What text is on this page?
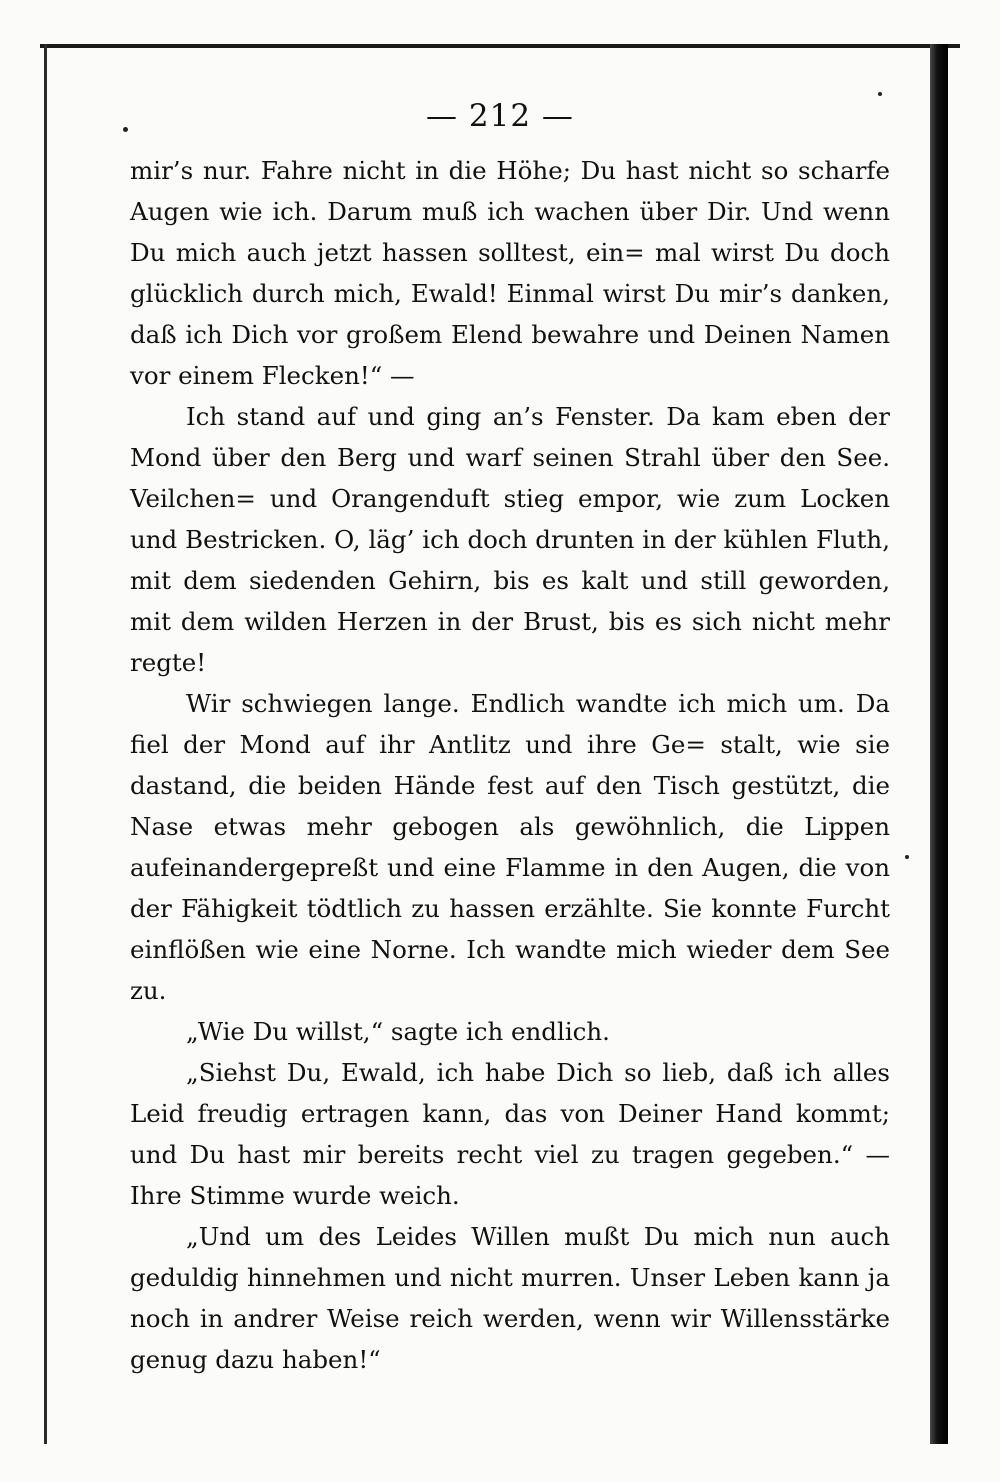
— 212 —

mir’s nur. Fahre nicht in die Höhe; Du hast nicht so scharfe Augen wie ich. Darum muß ich wachen über Dir. Und wenn Du mich auch jetzt hassen solltest, ein= mal wirst Du doch glücklich durch mich, Ewald! Einmal wirst Du mir’s danken, daß ich Dich vor großem Elend bewahre und Deinen Namen vor einem Flecken!“ —

Ich stand auf und ging an’s Fenster. Da kam eben der Mond über den Berg und warf seinen Strahl über den See. Veilchen= und Orangenduft stieg empor, wie zum Locken und Bestricken. O, läg’ ich doch drunten in der kühlen Fluth, mit dem siedenden Gehirn, bis es kalt und still geworden, mit dem wilden Herzen in der Brust, bis es sich nicht mehr regte!

Wir schwiegen lange. Endlich wandte ich mich um. Da fiel der Mond auf ihr Antlitz und ihre Ge= stalt, wie sie dastand, die beiden Hände fest auf den Tisch gestützt, die Nase etwas mehr gebogen als gewöhnlich, die Lippen aufeinandergepreßt und eine Flamme in den Augen, die von der Fähigkeit tödtlich zu hassen erzählte. Sie konnte Furcht einflößen wie eine Norne. Ich wandte mich wieder dem See zu.

„Wie Du willst,“ sagte ich endlich.

„Siehst Du, Ewald, ich habe Dich so lieb, daß ich alles Leid freudig ertragen kann, das von Deiner Hand kommt; und Du hast mir bereits recht viel zu tragen gegeben.“ — Ihre Stimme wurde weich.

„Und um des Leides Willen mußt Du mich nun auch geduldig hinnehmen und nicht murren. Unser Leben kann ja noch in andrer Weise reich werden, wenn wir Willensstärke genug dazu haben!“
